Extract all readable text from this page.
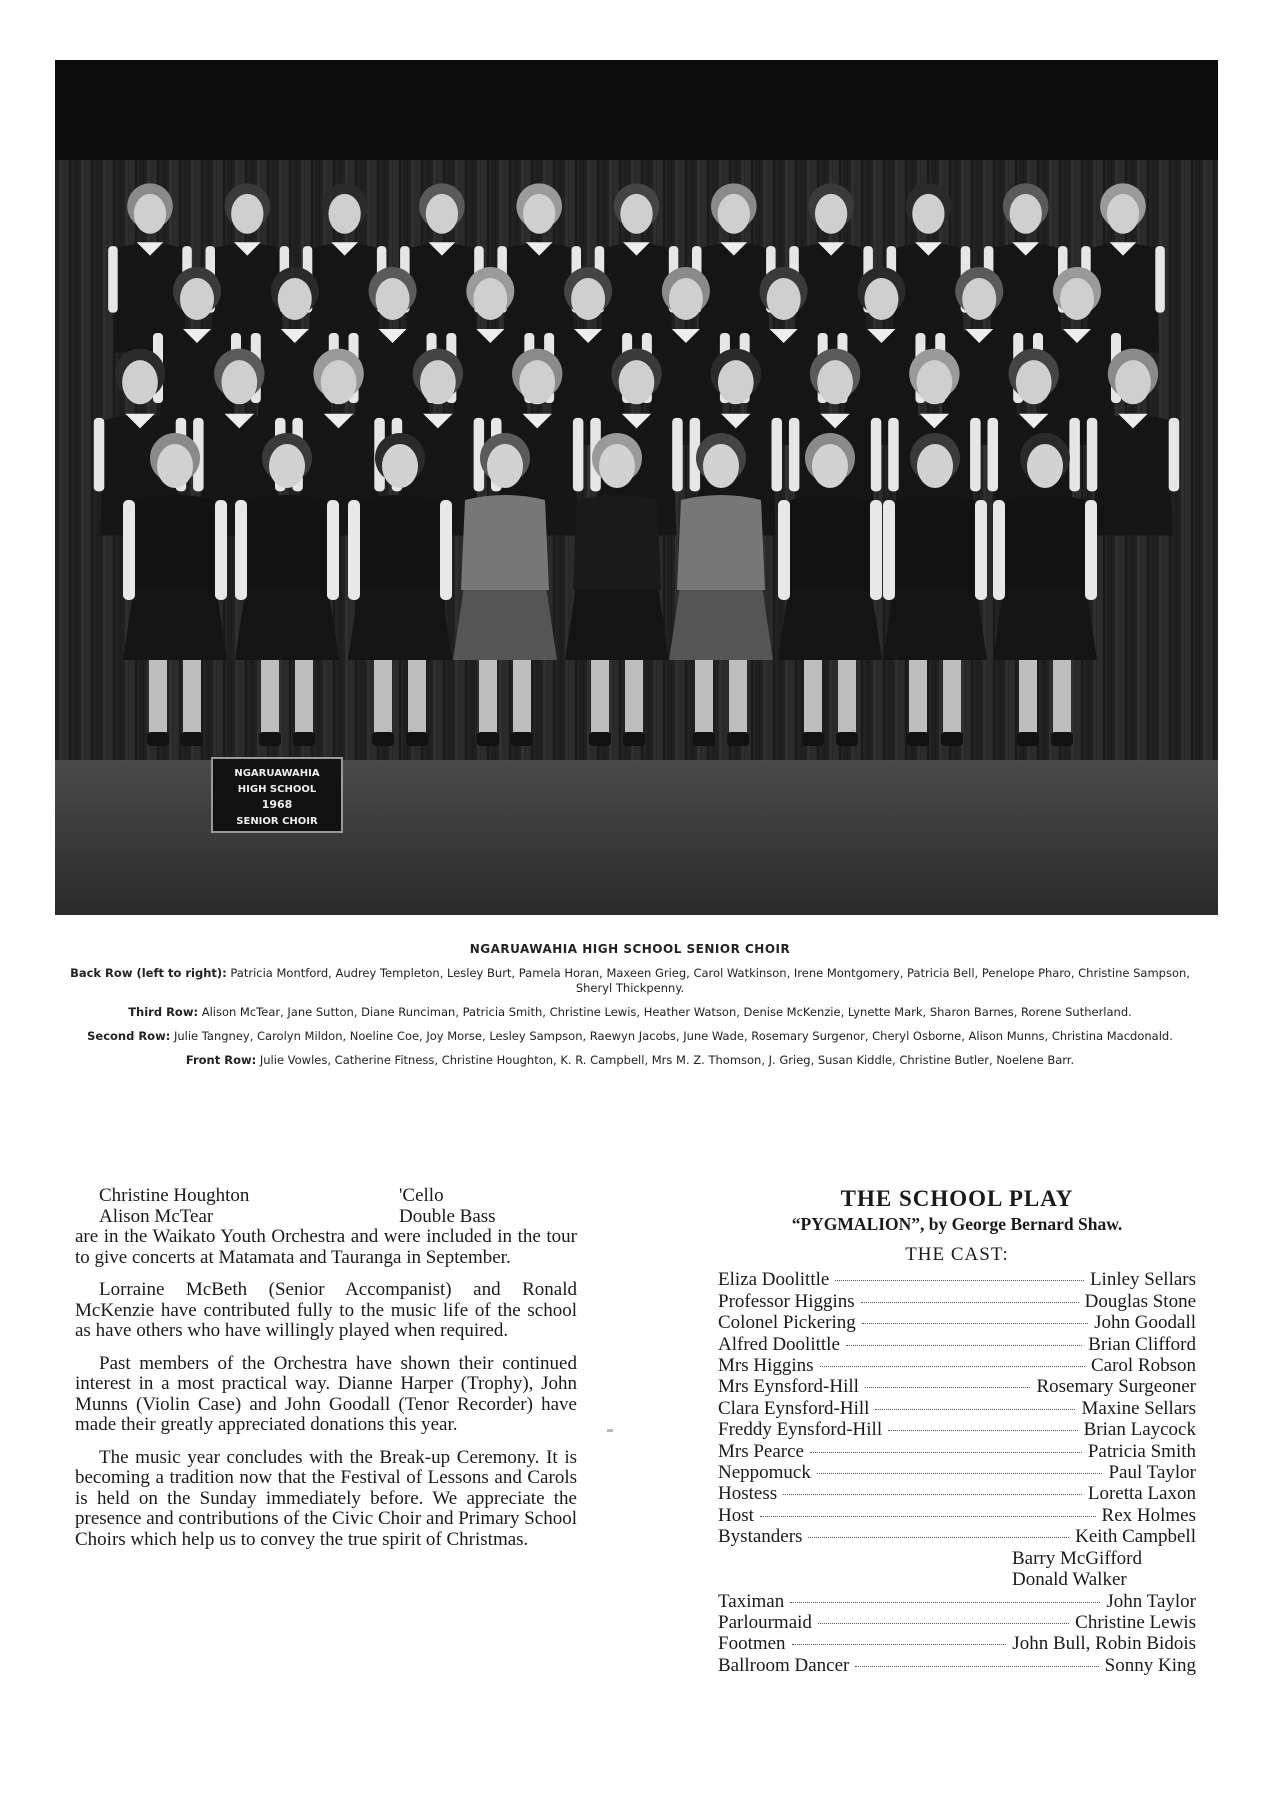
NGARUAWAHIA
HIGH SCHOOL
1968
SENIOR CHOIR
NGARUAWAHIA HIGH SCHOOL SENIOR CHOIR
Back Row (left to right): Patricia Montford, Audrey Templeton, Lesley Burt, Pamela Horan, Maxeen Grieg, Carol Watkinson, Irene Montgomery, Patricia Bell, Penelope Pharo, Christine Sampson, Sheryl Thickpenny.
Third Row: Alison McTear, Jane Sutton, Diane Runciman, Patricia Smith, Christine Lewis, Heather Watson, Denise McKenzie, Lynette Mark, Sharon Barnes, Rorene Sutherland.
Second Row: Julie Tangney, Carolyn Mildon, Noeline Coe, Joy Morse, Lesley Sampson, Raewyn Jacobs, June Wade, Rosemary Surgenor, Cheryl Osborne, Alison Munns, Christina Macdonald.
Front Row: Julie Vowles, Catherine Fitness, Christine Houghton, K. R. Campbell, Mrs M. Z. Thomson, J. Grieg, Susan Kiddle, Christine Butler, Noelene Barr.
Christine Houghton	'Cello
Alison McTear	Double Bass

are in the Waikato Youth Orchestra and were included in the tour to give concerts at Matamata and Tauranga in September.

Lorraine McBeth (Senior Accompanist) and Ronald McKenzie have contributed fully to the music life of the school as have others who have willingly played when required.

Past members of the Orchestra have shown their continued interest in a most practical way. Dianne Harper (Trophy), John Munns (Violin Case) and John Goodall (Tenor Recorder) have made their greatly appreciated donations this year.

The music year concludes with the Break-up Ceremony. It is becoming a tradition now that the Festival of Lessons and Carols is held on the Sunday immediately before. We appreciate the presence and contributions of the Civic Choir and Primary School Choirs which help us to convey the true spirit of Christmas.

THE SCHOOL PLAY
“PYGMALION”, by George Bernard Shaw.
THE CAST:
Eliza Doolittle	Linley Sellars
Professor Higgins	Douglas Stone
Colonel Pickering	John Goodall
Alfred Doolittle	Brian Clifford
Mrs Higgins	Carol Robson
Mrs Eynsford-Hill	Rosemary Surgeoner
Clara Eynsford-Hill	Maxine Sellars
Freddy Eynsford-Hill	Brian Laycock
Mrs Pearce	Patricia Smith
Neppomuck	Paul Taylor
Hostess	Loretta Laxon
Host	Rex Holmes
Bystanders	Keith Campbell
Barry McGifford
Donald Walker
Taximan	John Taylor
Parlourmaid	Christine Lewis
Footmen	John Bull, Robin Bidois
Ballroom Dancer	Sonny King
